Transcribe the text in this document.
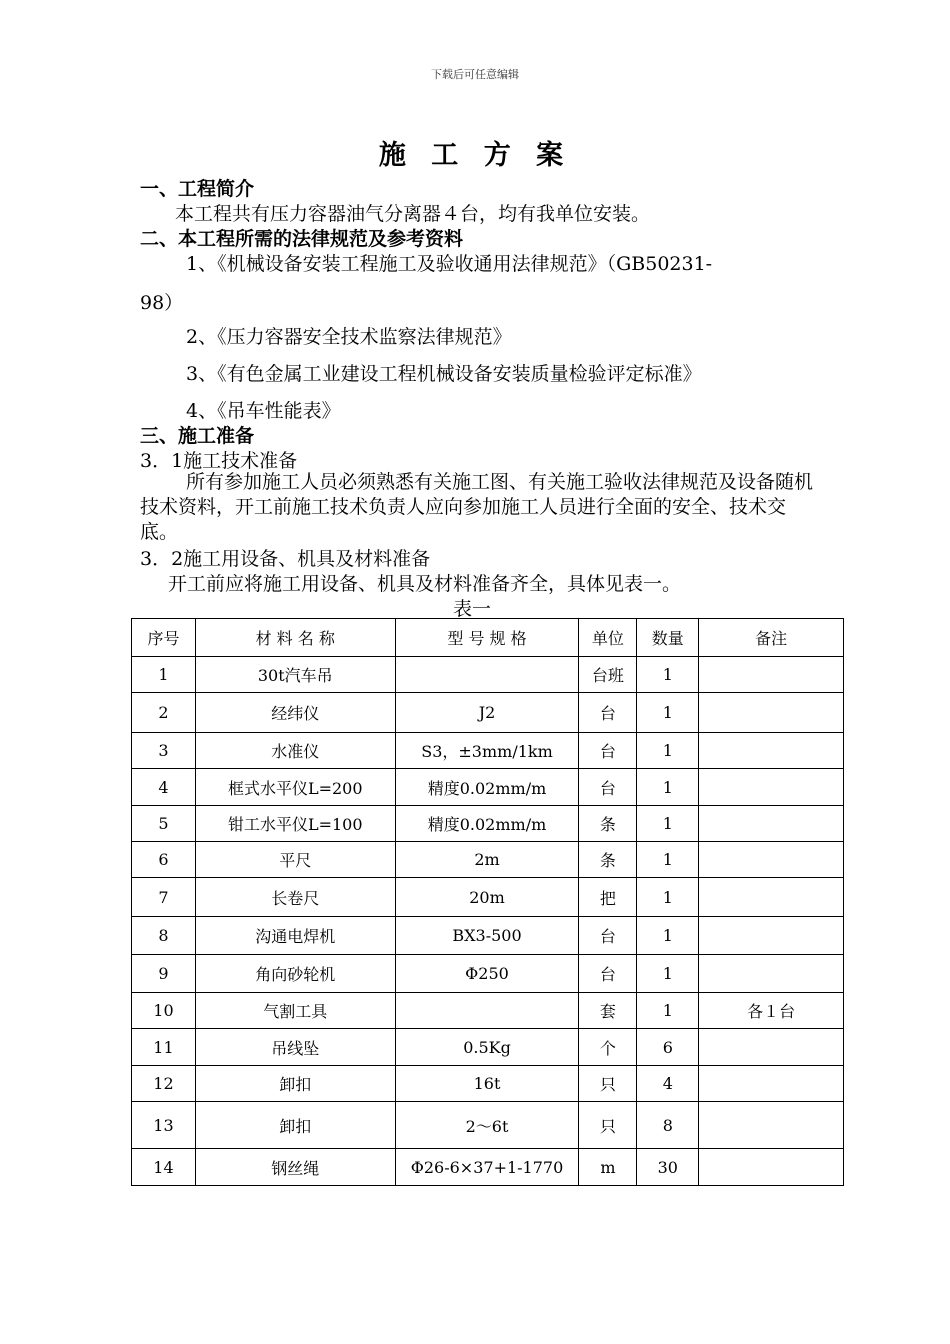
下载后可任意编辑
施 工 方 案
一、工程简介
本工程共有压力容器油气分离器４台，均有我单位安装。
二、本工程所需的法律规范及参考资料
1、《机械设备安装工程施工及验收通用法律规范》（GB50231-
98）
2、《压力容器安全技术监察法律规范》
3、《有色金属工业建设工程机械设备安装质量检验评定标准》
4、《吊车性能表》
三、施工准备
3．1施工技术准备
所有参加施工人员必须熟悉有关施工图、有关施工验收法律规范及设备随机技术资料，开工前施工技术负责人应向参加施工人员进行全面的安全、技术交底。
3．2施工用设备、机具及材料准备
开工前应将施工用设备、机具及材料准备齐全，具体见表一。
表一
序号	材 料 名 称	型 号 规 格	单位	数量	备注
1	30t汽车吊		台班	1	
2	经纬仪	J2	台	1	
3	水准仪	S3，±3mm/1km	台	1	
4	框式水平仪L=200	精度0.02mm/m	台	1	
5	钳工水平仪L=100	精度0.02mm/m	条	1	
6	平尺	2m	条	1	
7	长卷尺	20m	把	1	
8	沟通电焊机	BX3-500	台	1	
9	角向砂轮机	Φ250	台	1	
10	气割工具		套	1	各１台
11	吊线坠	0.5Kg	个	6	
12	卸扣	16t	只	4	
13	卸扣	2～6t	只	8	
14	钢丝绳	Φ26-6×37+1-1770	m	30	
